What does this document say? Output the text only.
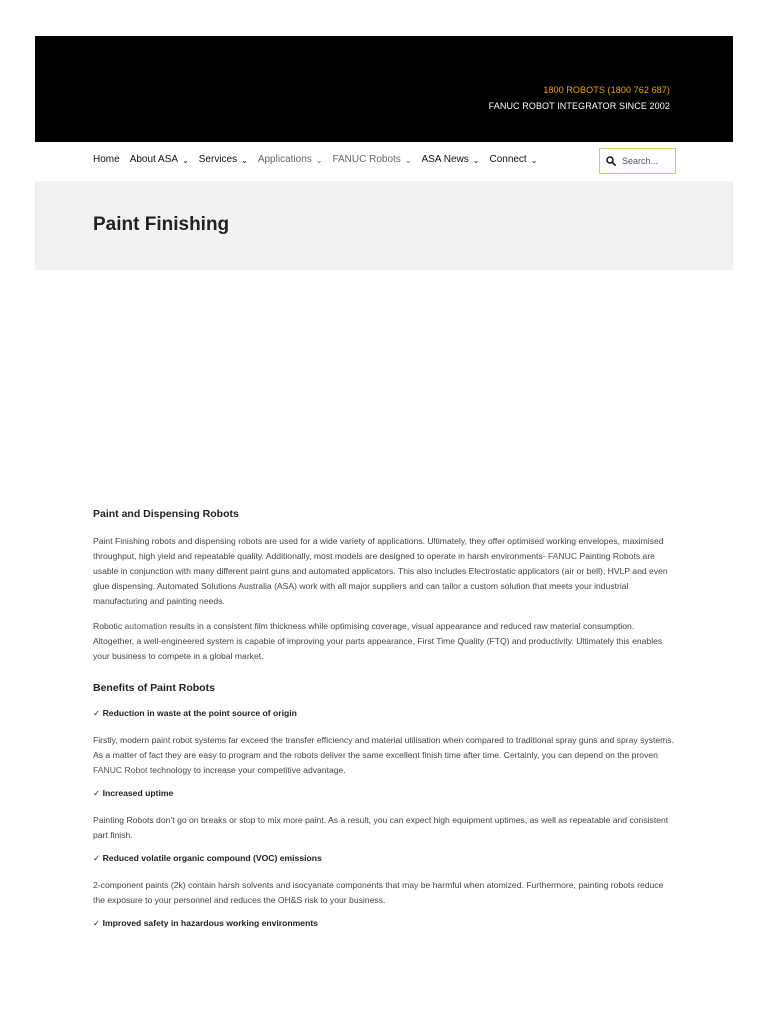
1800 ROBOTS (1800 762 687)
FANUC ROBOT INTEGRATOR SINCE 2002
Home About ASA ⌄ Services ⌄ Applications ⌄ FANUC Robots ⌄ ASA News ⌄ Connect ⌄
Search...
Paint Finishing
Paint and Dispensing Robots

Paint Finishing robots and dispensing robots are used for a wide variety of applications. Ultimately, they offer optimised working envelopes, maximised throughput, high yield and repeatable quality. Additionally, most models are designed to operate in harsh environments- FANUC Painting Robots are usable in conjunction with many different paint guns and automated applicators. This also includes Electrostatic applicators (air or bell), HVLP and even glue dispensing. Automated Solutions Australia (ASA) work with all major suppliers and can tailor a custom solution that meets your industrial manufacturing and painting needs.

Robotic automation results in a consistent film thickness while optimising coverage, visual appearance and reduced raw material consumption. Altogether, a well-engineered system is capable of improving your parts appearance, First Time Quality (FTQ) and productivity. Ultimately this enables your business to compete in a global market.

Benefits of Paint Robots
✓ Reduction in waste at the point source of origin

Firstly, modern paint robot systems far exceed the transfer efficiency and material utilisation when compared to traditional spray guns and spray systems. As a matter of fact they are easy to program and the robots deliver the same excellent finish time after time. Certainly, you can depend on the proven FANUC Robot technology to increase your competitive advantage.

✓ Increased uptime

Painting Robots don’t go on breaks or stop to mix more paint. As a result, you can expect high equipment uptimes, as well as repeatable and consistent part finish.

✓ Reduced volatile organic compound (VOC) emissions

2-component paints (2k) contain harsh solvents and isocyanate components that may be harmful when atomized. Furthermore, painting robots reduce the exposure to your personnel and reduces the OH&S risk to your business.

✓ Improved safety in hazardous working environments
